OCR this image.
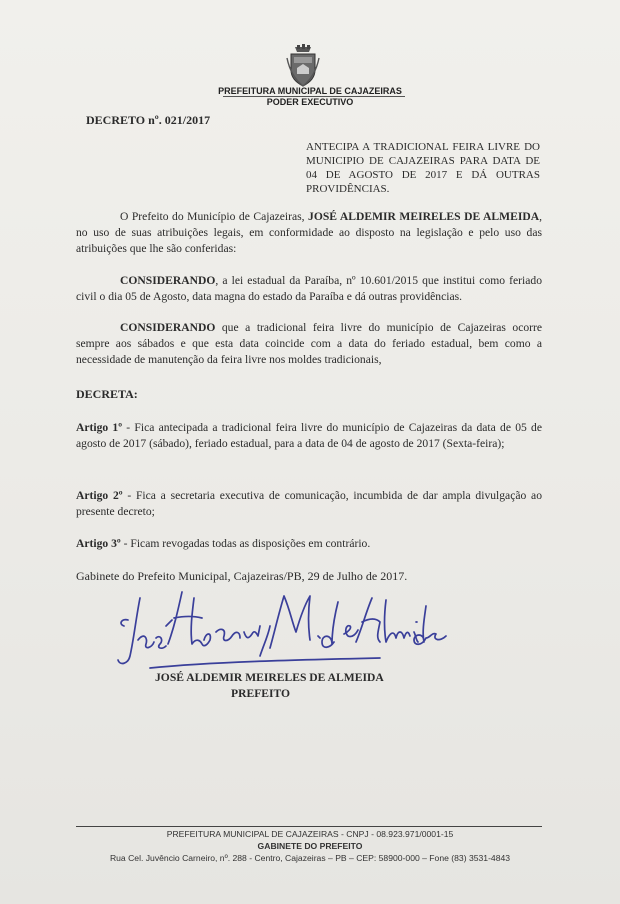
PREFEITURA MUNICIPAL DE CAJAZEIRAS
PODER EXECUTIVO
DECRETO nº. 021/2017
ANTECIPA A TRADICIONAL FEIRA LIVRE DO MUNICIPIO DE CAJAZEIRAS PARA DATA DE 04 DE AGOSTO DE 2017 E DÁ OUTRAS PROVIDÊNCIAS.
O Prefeito do Município de Cajazeiras, JOSÉ ALDEMIR MEIRELES DE ALMEIDA, no uso de suas atribuições legais, em conformidade ao disposto na legislação e pelo uso das atribuições que lhe são conferidas:
CONSIDERANDO, a lei estadual da Paraíba, nº 10.601/2015 que institui como feriado civil o dia 05 de Agosto, data magna do estado da Paraíba e dá outras providências.
CONSIDERANDO que a tradicional feira livre do município de Cajazeiras ocorre sempre aos sábados e que esta data coincide com a data do feriado estadual, bem como a necessidade de manutenção da feira livre nos moldes tradicionais,
DECRETA:
Artigo 1º - Fica antecipada a tradicional feira livre do município de Cajazeiras da data de 05 de agosto de 2017 (sábado), feriado estadual, para a data de 04 de agosto de 2017 (Sexta-feira);
Artigo 2º - Fica a secretaria executiva de comunicação, incumbida de dar ampla divulgação ao presente decreto;
Artigo 3º - Ficam revogadas todas as disposições em contrário.
Gabinete do Prefeito Municipal, Cajazeiras/PB, 29 de Julho de 2017.
JOSÉ ALDEMIR MEIRELES DE ALMEIDA
PREFEITO
PREFEITURA MUNICIPAL DE CAJAZEIRAS - CNPJ - 08.923.971/0001-15
GABINETE DO PREFEITO
Rua Cel. Juvêncio Carneiro, nº. 288 - Centro, Cajazeiras – PB – CEP: 58900-000 – Fone (83) 3531-4843
